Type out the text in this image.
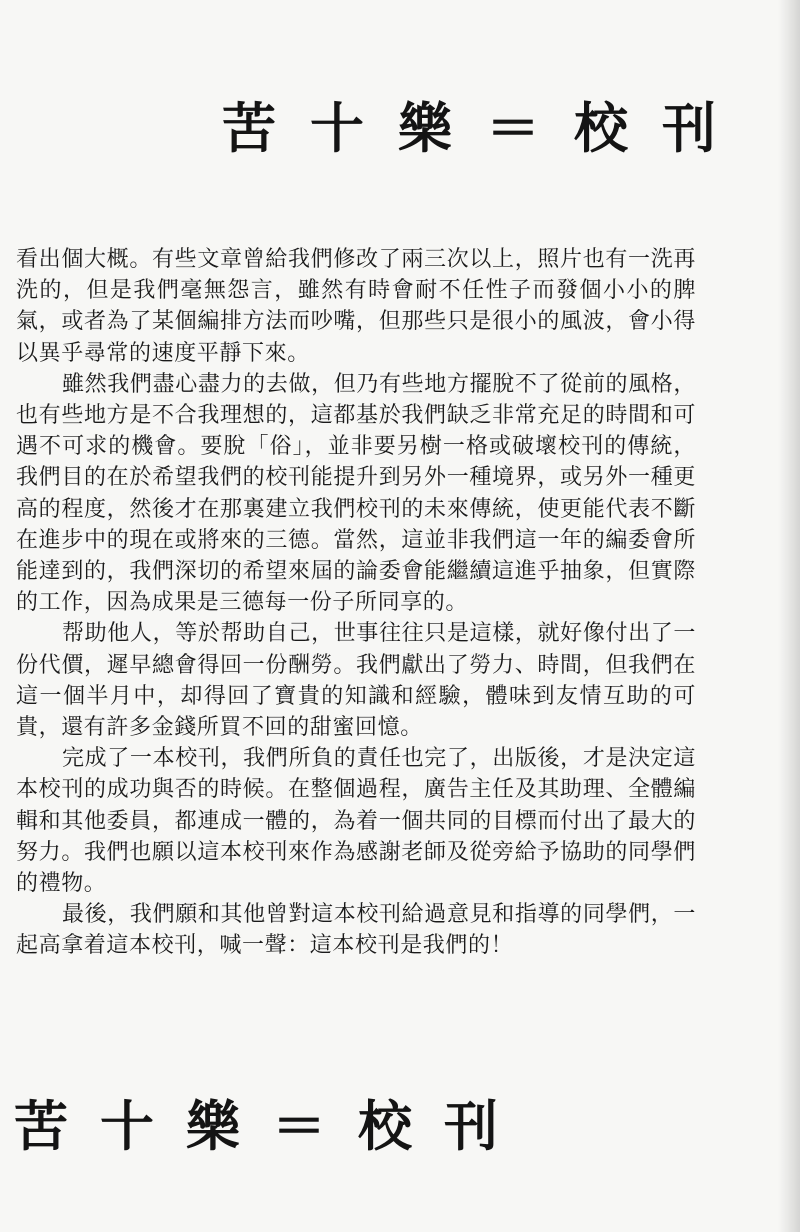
苦十樂＝校刊

看出個大概。有些文章曾給我們修改了兩三次以上，照片也有一洗再洗的，但是我們毫無怨言，雖然有時會耐不任性子而發個小小的脾氣，或者為了某個編排方法而吵嘴，但那些只是很小的風波，會小得以異乎尋常的速度平靜下來。

雖然我們盡心盡力的去做，但乃有些地方擺脫不了從前的風格，也有些地方是不合我理想的，這都基於我們缺乏非常充足的時間和可遇不可求的機會。要脫「俗」，並非要另樹一格或破壞校刊的傳統，我們目的在於希望我們的校刊能提升到另外一種境界，或另外一種更高的程度，然後才在那裏建立我們校刊的未來傳統，使更能代表不斷在進步中的現在或將來的三德。當然，這並非我們這一年的編委會所能達到的，我們深切的希望來屆的論委會能繼續這進乎抽象，但實際的工作，因為成果是三德每一份子所同享的。

帮助他人，等於帮助自己，世事往往只是這樣，就好像付出了一份代價，遲早總會得回一份酬勞。我們獻出了勞力、時間，但我們在這一個半月中，却得回了寶貴的知識和經驗，體味到友情互助的可貴，還有許多金錢所買不回的甜蜜回憶。

完成了一本校刊，我們所負的責任也完了，出版後，才是決定這本校刊的成功與否的時候。在整個過程，廣告主任及其助理、全體編輯和其他委員，都連成一體的，為着一個共同的目標而付出了最大的努力。我們也願以這本校刊來作為感謝老師及從旁給予協助的同學們的禮物。

最後，我們願和其他曾對這本校刊給過意見和指導的同學們，一起高拿着這本校刊，喊一聲：這本校刊是我們的！

苦十樂＝校刊
